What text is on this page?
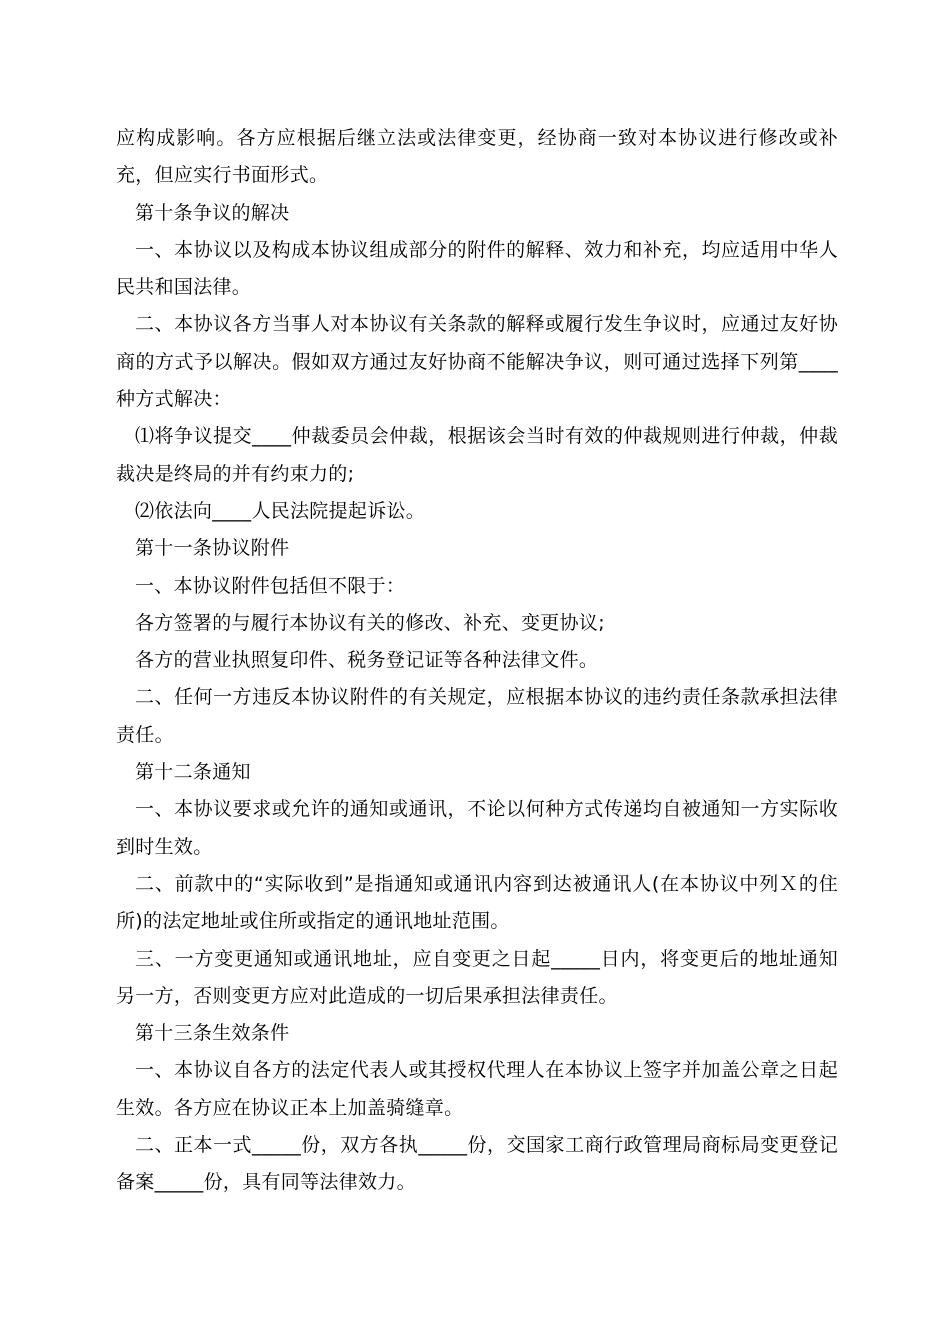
应构成影响。各方应根据后继立法或法律变更，经协商一致对本协议进行修改或补充，但应实行书面形式。

第十条争议的解决

一、本协议以及构成本协议组成部分的附件的解释、效力和补充，均应适用中华人民共和国法律。

二、本协议各方当事人对本协议有关条款的解释或履行发生争议时，应通过友好协商的方式予以解决。假如双方通过友好协商不能解决争议，则可通过选择下列第____种方式解决：

⑴将争议提交____仲裁委员会仲裁，根据该会当时有效的仲裁规则进行仲裁，仲裁裁决是终局的并有约束力的;

⑵依法向____人民法院提起诉讼。

第十一条协议附件

一、本协议附件包括但不限于：

各方签署的与履行本协议有关的修改、补充、变更协议;

各方的营业执照复印件、税务登记证等各种法律文件。

二、任何一方违反本协议附件的有关规定，应根据本协议的违约责任条款承担法律责任。

第十二条通知

一、本协议要求或允许的通知或通讯，不论以何种方式传递均自被通知一方实际收到时生效。

二、前款中的“实际收到”是指通知或通讯内容到达被通讯人(在本协议中列Ｘ的住所)的法定地址或住所或指定的通讯地址范围。

三、一方变更通知或通讯地址，应自变更之日起_____日内，将变更后的地址通知另一方，否则变更方应对此造成的一切后果承担法律责任。

第十三条生效条件

一、本协议自各方的法定代表人或其授权代理人在本协议上签字并加盖公章之日起生效。各方应在协议正本上加盖骑缝章。

二、正本一式_____份，双方各执_____份，交国家工商行政管理局商标局变更登记备案_____份，具有同等法律效力。
